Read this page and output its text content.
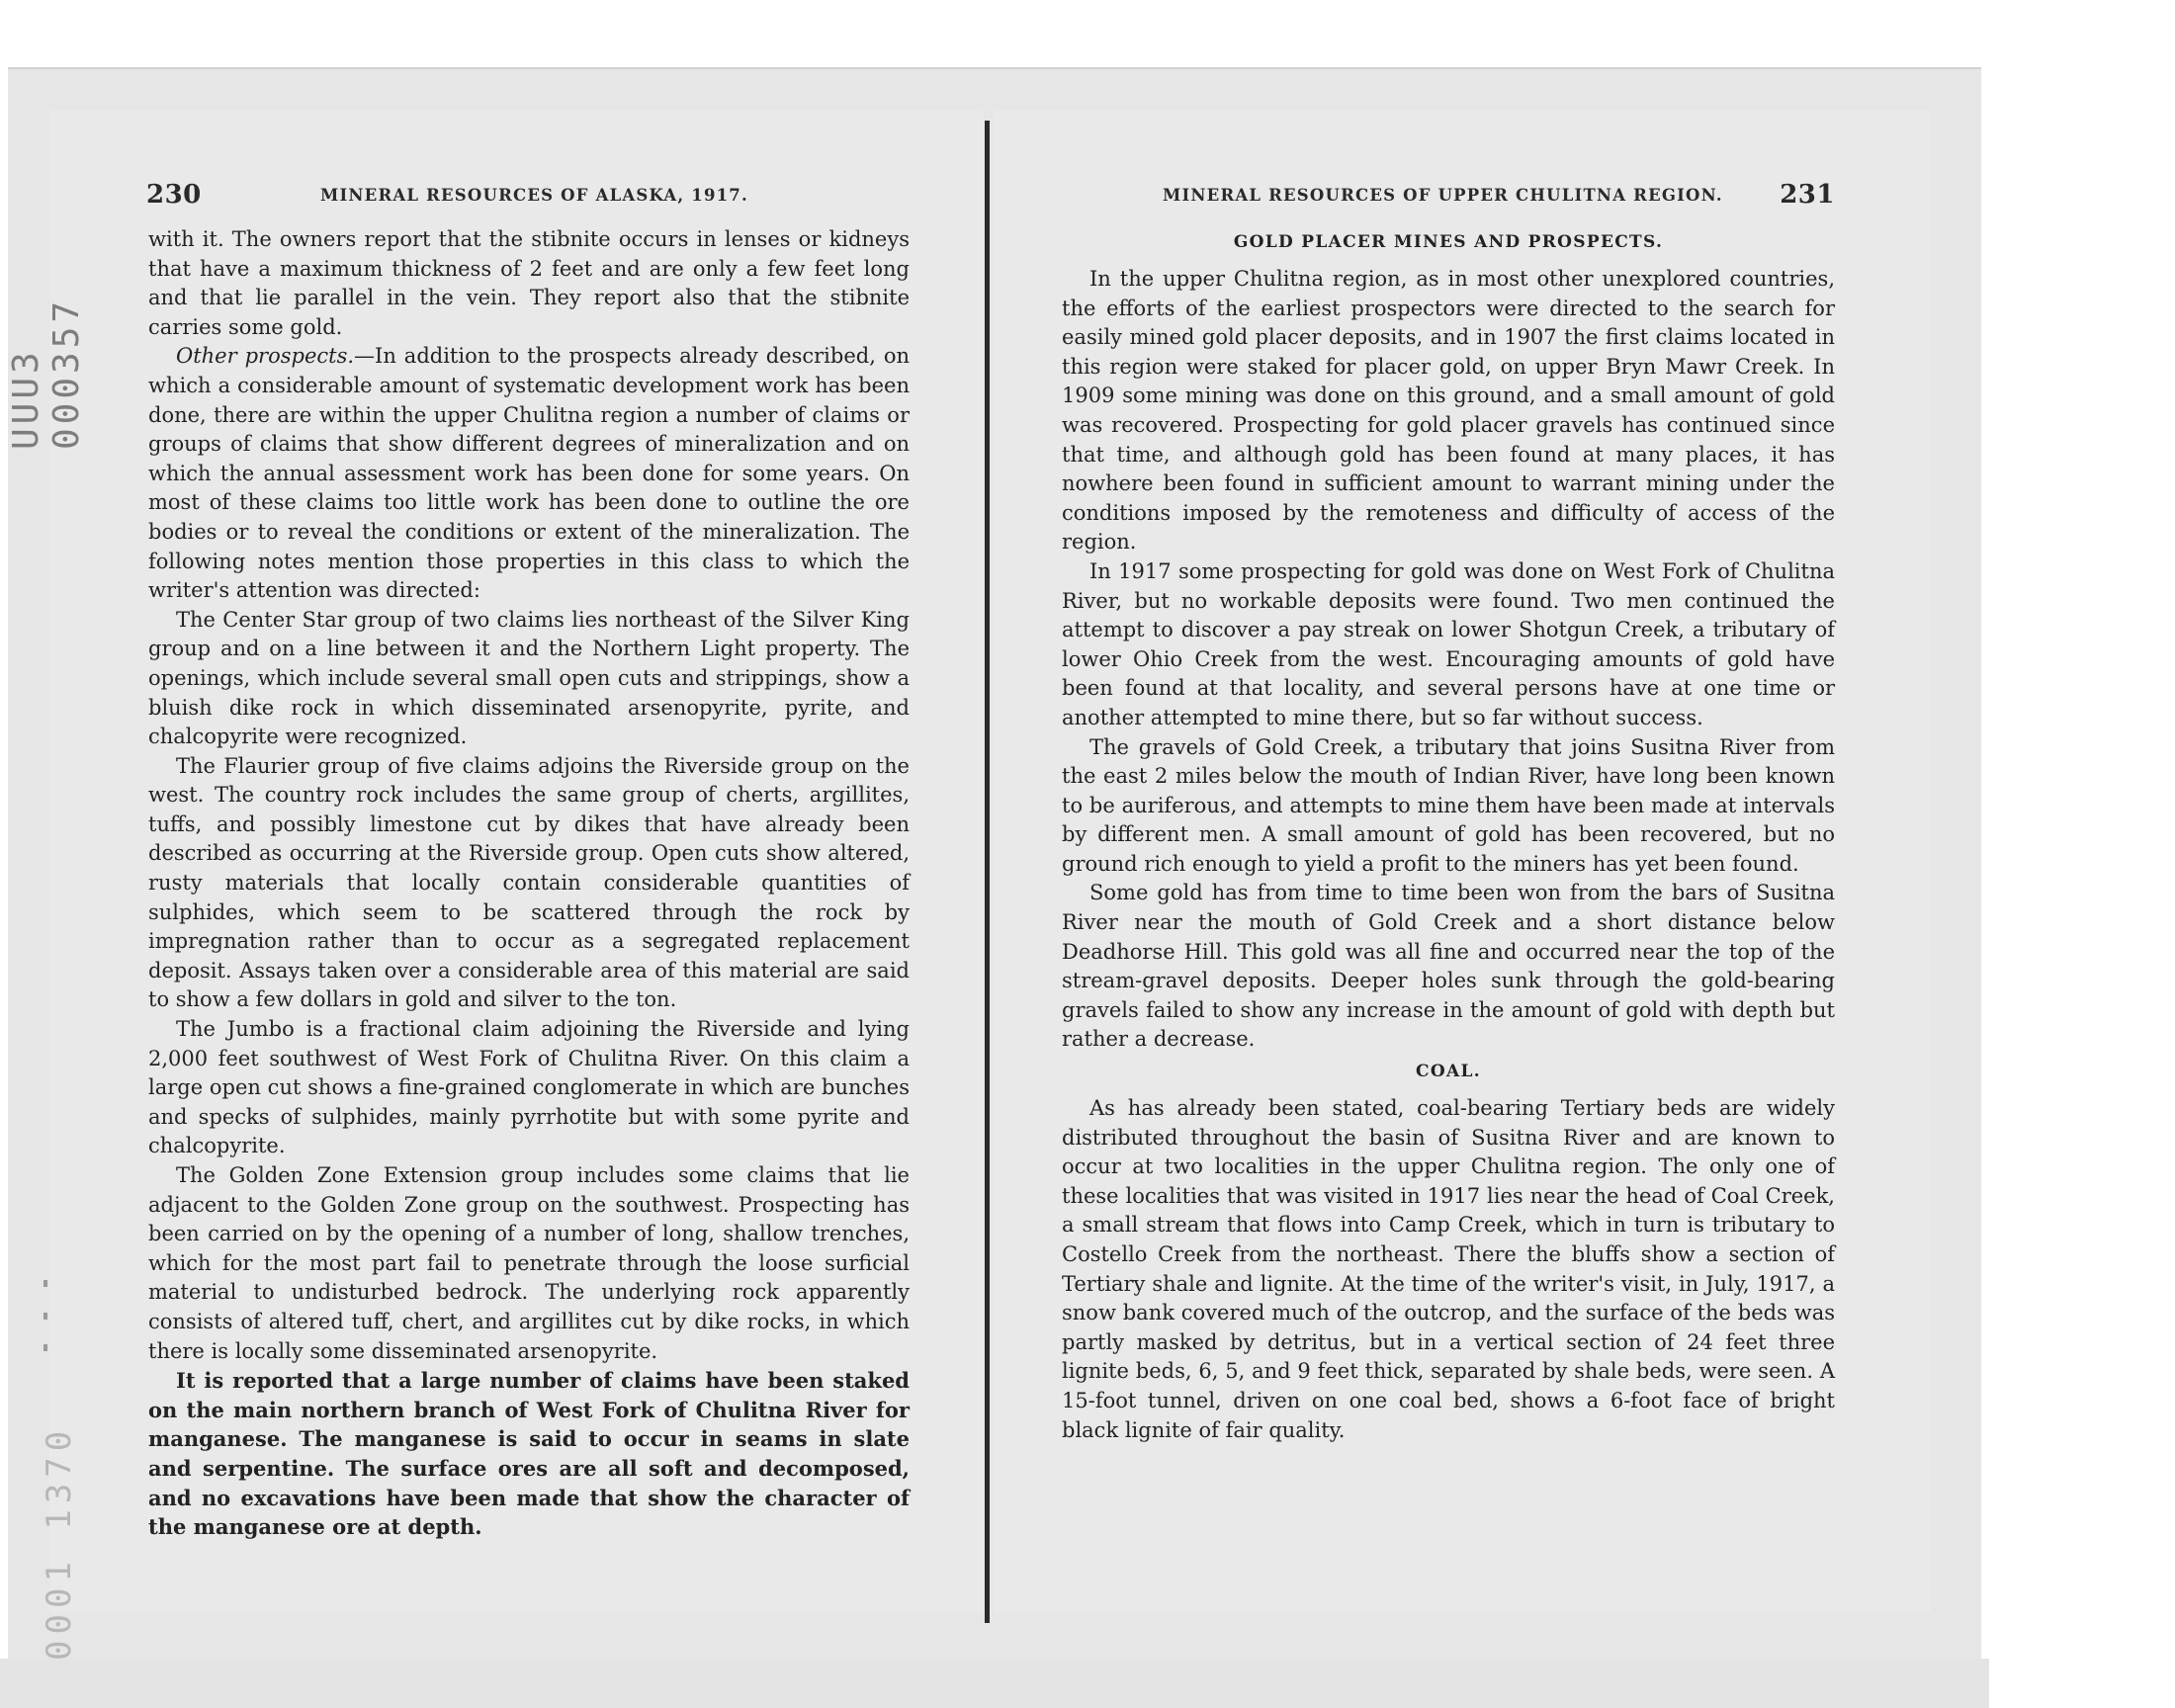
UUU3 000357
0001 1370
230	MINERAL RESOURCES OF ALASKA, 1917.	MINERAL RESOURCES OF UPPER CHULITNA REGION. 231

with it. The owners report that the stibnite occurs in lenses or kidneys that have a maximum thickness of 2 feet and are only a few feet long and that lie parallel in the vein. They report also that the stibnite carries some gold.

Other prospects.—In addition to the prospects already described, on which a considerable amount of systematic development work has been done, there are within the upper Chulitna region a number of claims or groups of claims that show different degrees of mineralization and on which the annual assessment work has been done for some years. On most of these claims too little work has been done to outline the ore bodies or to reveal the conditions or extent of the mineralization. The following notes mention those properties in this class to which the writer's attention was directed:

The Center Star group of two claims lies northeast of the Silver King group and on a line between it and the Northern Light property. The openings, which include several small open cuts and strippings, show a bluish dike rock in which disseminated arsenopyrite, pyrite, and chalcopyrite were recognized.

The Flaurier group of five claims adjoins the Riverside group on the west. The country rock includes the same group of cherts, argillites, tuffs, and possibly limestone cut by dikes that have already been described as occurring at the Riverside group. Open cuts show altered, rusty materials that locally contain considerable quantities of sulphides, which seem to be scattered through the rock by impregnation rather than to occur as a segregated replacement deposit. Assays taken over a considerable area of this material are said to show a few dollars in gold and silver to the ton.

The Jumbo is a fractional claim adjoining the Riverside and lying 2,000 feet southwest of West Fork of Chulitna River. On this claim a large open cut shows a fine-grained conglomerate in which are bunches and specks of sulphides, mainly pyrrhotite but with some pyrite and chalcopyrite.

The Golden Zone Extension group includes some claims that lie adjacent to the Golden Zone group on the southwest. Prospecting has been carried on by the opening of a number of long, shallow trenches, which for the most part fail to penetrate through the loose surficial material to undisturbed bedrock. The underlying rock apparently consists of altered tuff, chert, and argillites cut by dike rocks, in which there is locally some disseminated arsenopyrite.

It is reported that a large number of claims have been staked on the main northern branch of West Fork of Chulitna River for manganese. The manganese is said to occur in seams in slate and serpentine. The surface ores are all soft and decomposed, and no excavations have been made that show the character of the manganese ore at depth.

GOLD PLACER MINES AND PROSPECTS.

In the upper Chulitna region, as in most other unexplored countries, the efforts of the earliest prospectors were directed to the search for easily mined gold placer deposits, and in 1907 the first claims located in this region were staked for placer gold, on upper Bryn Mawr Creek. In 1909 some mining was done on this ground, and a small amount of gold was recovered. Prospecting for gold placer gravels has continued since that time, and although gold has been found at many places, it has nowhere been found in sufficient amount to warrant mining under the conditions imposed by the remoteness and difficulty of access of the region.

In 1917 some prospecting for gold was done on West Fork of Chulitna River, but no workable deposits were found. Two men continued the attempt to discover a pay streak on lower Shotgun Creek, a tributary of lower Ohio Creek from the west. Encouraging amounts of gold have been found at that locality, and several persons have at one time or another attempted to mine there, but so far without success.

The gravels of Gold Creek, a tributary that joins Susitna River from the east 2 miles below the mouth of Indian River, have long been known to be auriferous, and attempts to mine them have been made at intervals by different men. A small amount of gold has been recovered, but no ground rich enough to yield a profit to the miners has yet been found.

Some gold has from time to time been won from the bars of Susitna River near the mouth of Gold Creek and a short distance below Deadhorse Hill. This gold was all fine and occurred near the top of the stream-gravel deposits. Deeper holes sunk through the gold-bearing gravels failed to show any increase in the amount of gold with depth but rather a decrease.

COAL.

As has already been stated, coal-bearing Tertiary beds are widely distributed throughout the basin of Susitna River and are known to occur at two localities in the upper Chulitna region. The only one of these localities that was visited in 1917 lies near the head of Coal Creek, a small stream that flows into Camp Creek, which in turn is tributary to Costello Creek from the northeast. There the bluffs show a section of Tertiary shale and lignite. At the time of the writer's visit, in July, 1917, a snow bank covered much of the outcrop, and the surface of the beds was partly masked by detritus, but in a vertical section of 24 feet three lignite beds, 6, 5, and 9 feet thick, separated by shale beds, were seen. A 15-foot tunnel, driven on one coal bed, shows a 6-foot face of bright black lignite of fair quality.
